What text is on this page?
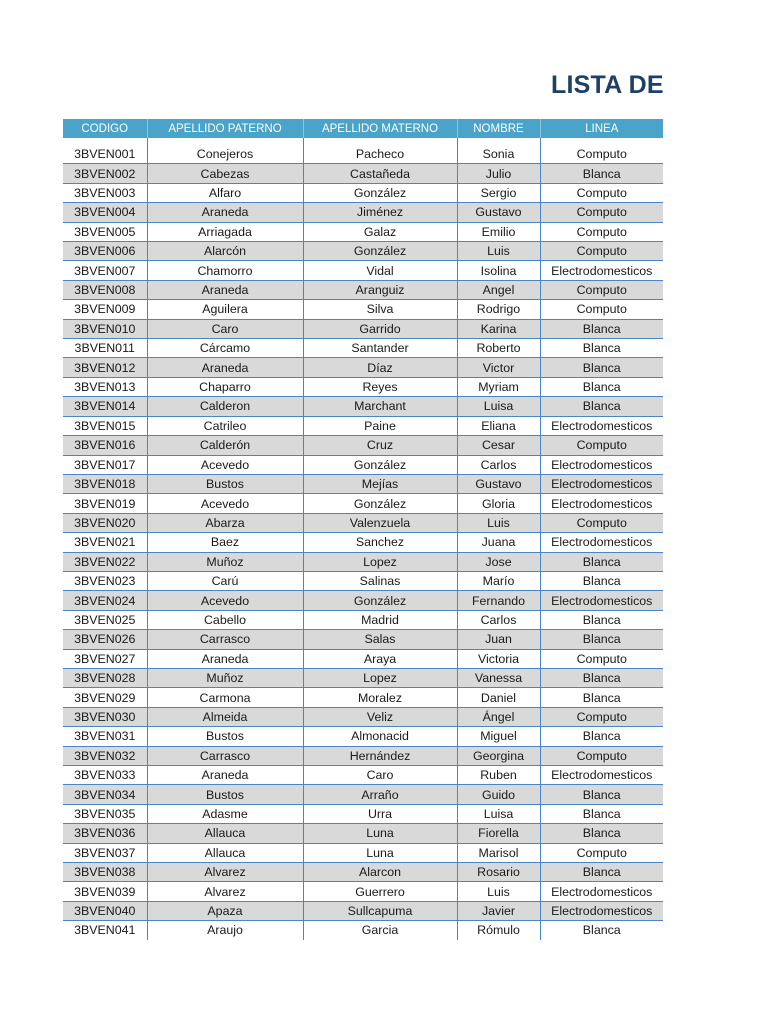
LISTA DE
CODIGO	APELLIDO PATERNO	APELLIDO MATERNO	NOMBRE	LINEA

3BVEN001	Conejeros	Pacheco	Sonia	Computo
3BVEN002	Cabezas	Castañeda	Julio	Blanca
3BVEN003	Alfaro	González	Sergio	Computo
3BVEN004	Araneda	Jiménez	Gustavo	Computo
3BVEN005	Arriagada	Galaz	Emilio	Computo
3BVEN006	Alarcón	González	Luis	Computo
3BVEN007	Chamorro	Vidal	Isolina	Electrodomesticos
3BVEN008	Araneda	Aranguiz	Angel	Computo
3BVEN009	Aguilera	Silva	Rodrigo	Computo
3BVEN010	Caro	Garrido	Karina	Blanca
3BVEN011	Cárcamo	Santander	Roberto	Blanca
3BVEN012	Araneda	Díaz	Victor	Blanca
3BVEN013	Chaparro	Reyes	Myriam	Blanca
3BVEN014	Calderon	Marchant	Luisa	Blanca
3BVEN015	Catrileo	Paine	Eliana	Electrodomesticos
3BVEN016	Calderón	Cruz	Cesar	Computo
3BVEN017	Acevedo	González	Carlos	Electrodomesticos
3BVEN018	Bustos	Mejías	Gustavo	Electrodomesticos
3BVEN019	Acevedo	González	Gloria	Electrodomesticos
3BVEN020	Abarza	Valenzuela	Luis	Computo
3BVEN021	Baez	Sanchez	Juana	Electrodomesticos
3BVEN022	Muñoz	Lopez	Jose	Blanca
3BVEN023	Carú	Salinas	Marío	Blanca
3BVEN024	Acevedo	González	Fernando	Electrodomesticos
3BVEN025	Cabello	Madrid	Carlos	Blanca
3BVEN026	Carrasco	Salas	Juan	Blanca
3BVEN027	Araneda	Araya	Victoria	Computo
3BVEN028	Muñoz	Lopez	Vanessa	Blanca
3BVEN029	Carmona	Moralez	Daniel	Blanca
3BVEN030	Almeida	Veliz	Ángel	Computo
3BVEN031	Bustos	Almonacid	Miguel	Blanca
3BVEN032	Carrasco	Hernández	Georgina	Computo
3BVEN033	Araneda	Caro	Ruben	Electrodomesticos
3BVEN034	Bustos	Arraño	Guido	Blanca
3BVEN035	Adasme	Urra	Luisa	Blanca
3BVEN036	Allauca	Luna	Fiorella	Blanca
3BVEN037	Allauca	Luna	Marisol	Computo
3BVEN038	Alvarez	Alarcon	Rosario	Blanca
3BVEN039	Alvarez	Guerrero	Luis	Electrodomesticos
3BVEN040	Apaza	Sullcapuma	Javier	Electrodomesticos
3BVEN041	Araujo	Garcia	Rómulo	Blanca
